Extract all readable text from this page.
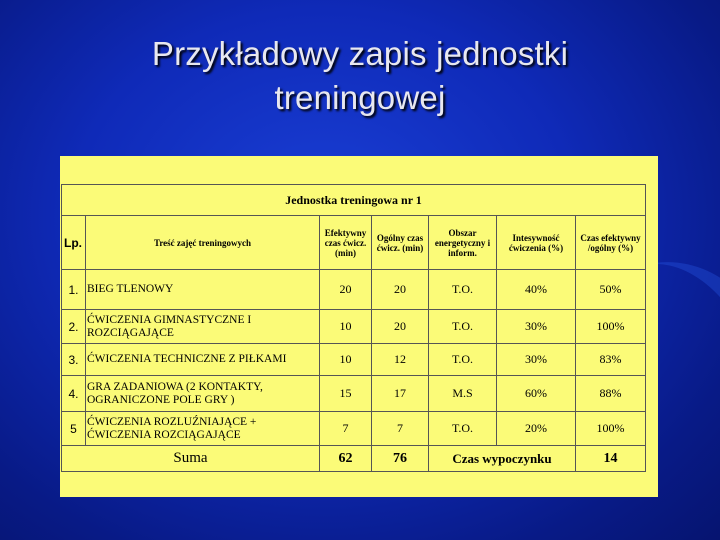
Przykładowy zapis jednostki
treningowej
Jednostka treningowa nr 1						
Lp.	Treść zajęć treningowych	Efektywny czas ćwicz. (min)	Ogólny czas ćwicz. (min)	Obszar energetyczny i inform.	Intesywność ćwiczenia (%)	Czas efektywny /ogólny (%)
1.	BIEG TLENOWY	20	20	T.O.	40%	50%
2.	ĆWICZENIA GIMNASTYCZNE I ROZCIĄGAJĄCE	10	20	T.O.	30%	100%
3.	ĆWICZENIA TECHNICZNE Z PIŁKAMI	10	12	T.O.	30%	83%
4.	GRA ZADANIOWA (2 KONTAKTY, OGRANICZONE POLE GRY )	15	17	M.S	60%	88%
5	ĆWICZENIA ROZLUŹNIAJĄCE + ĆWICZENIA ROZCIĄGAJĄCE	7	7	T.O.	20%	100%
Suma		62	76	Czas wypoczynku		14
